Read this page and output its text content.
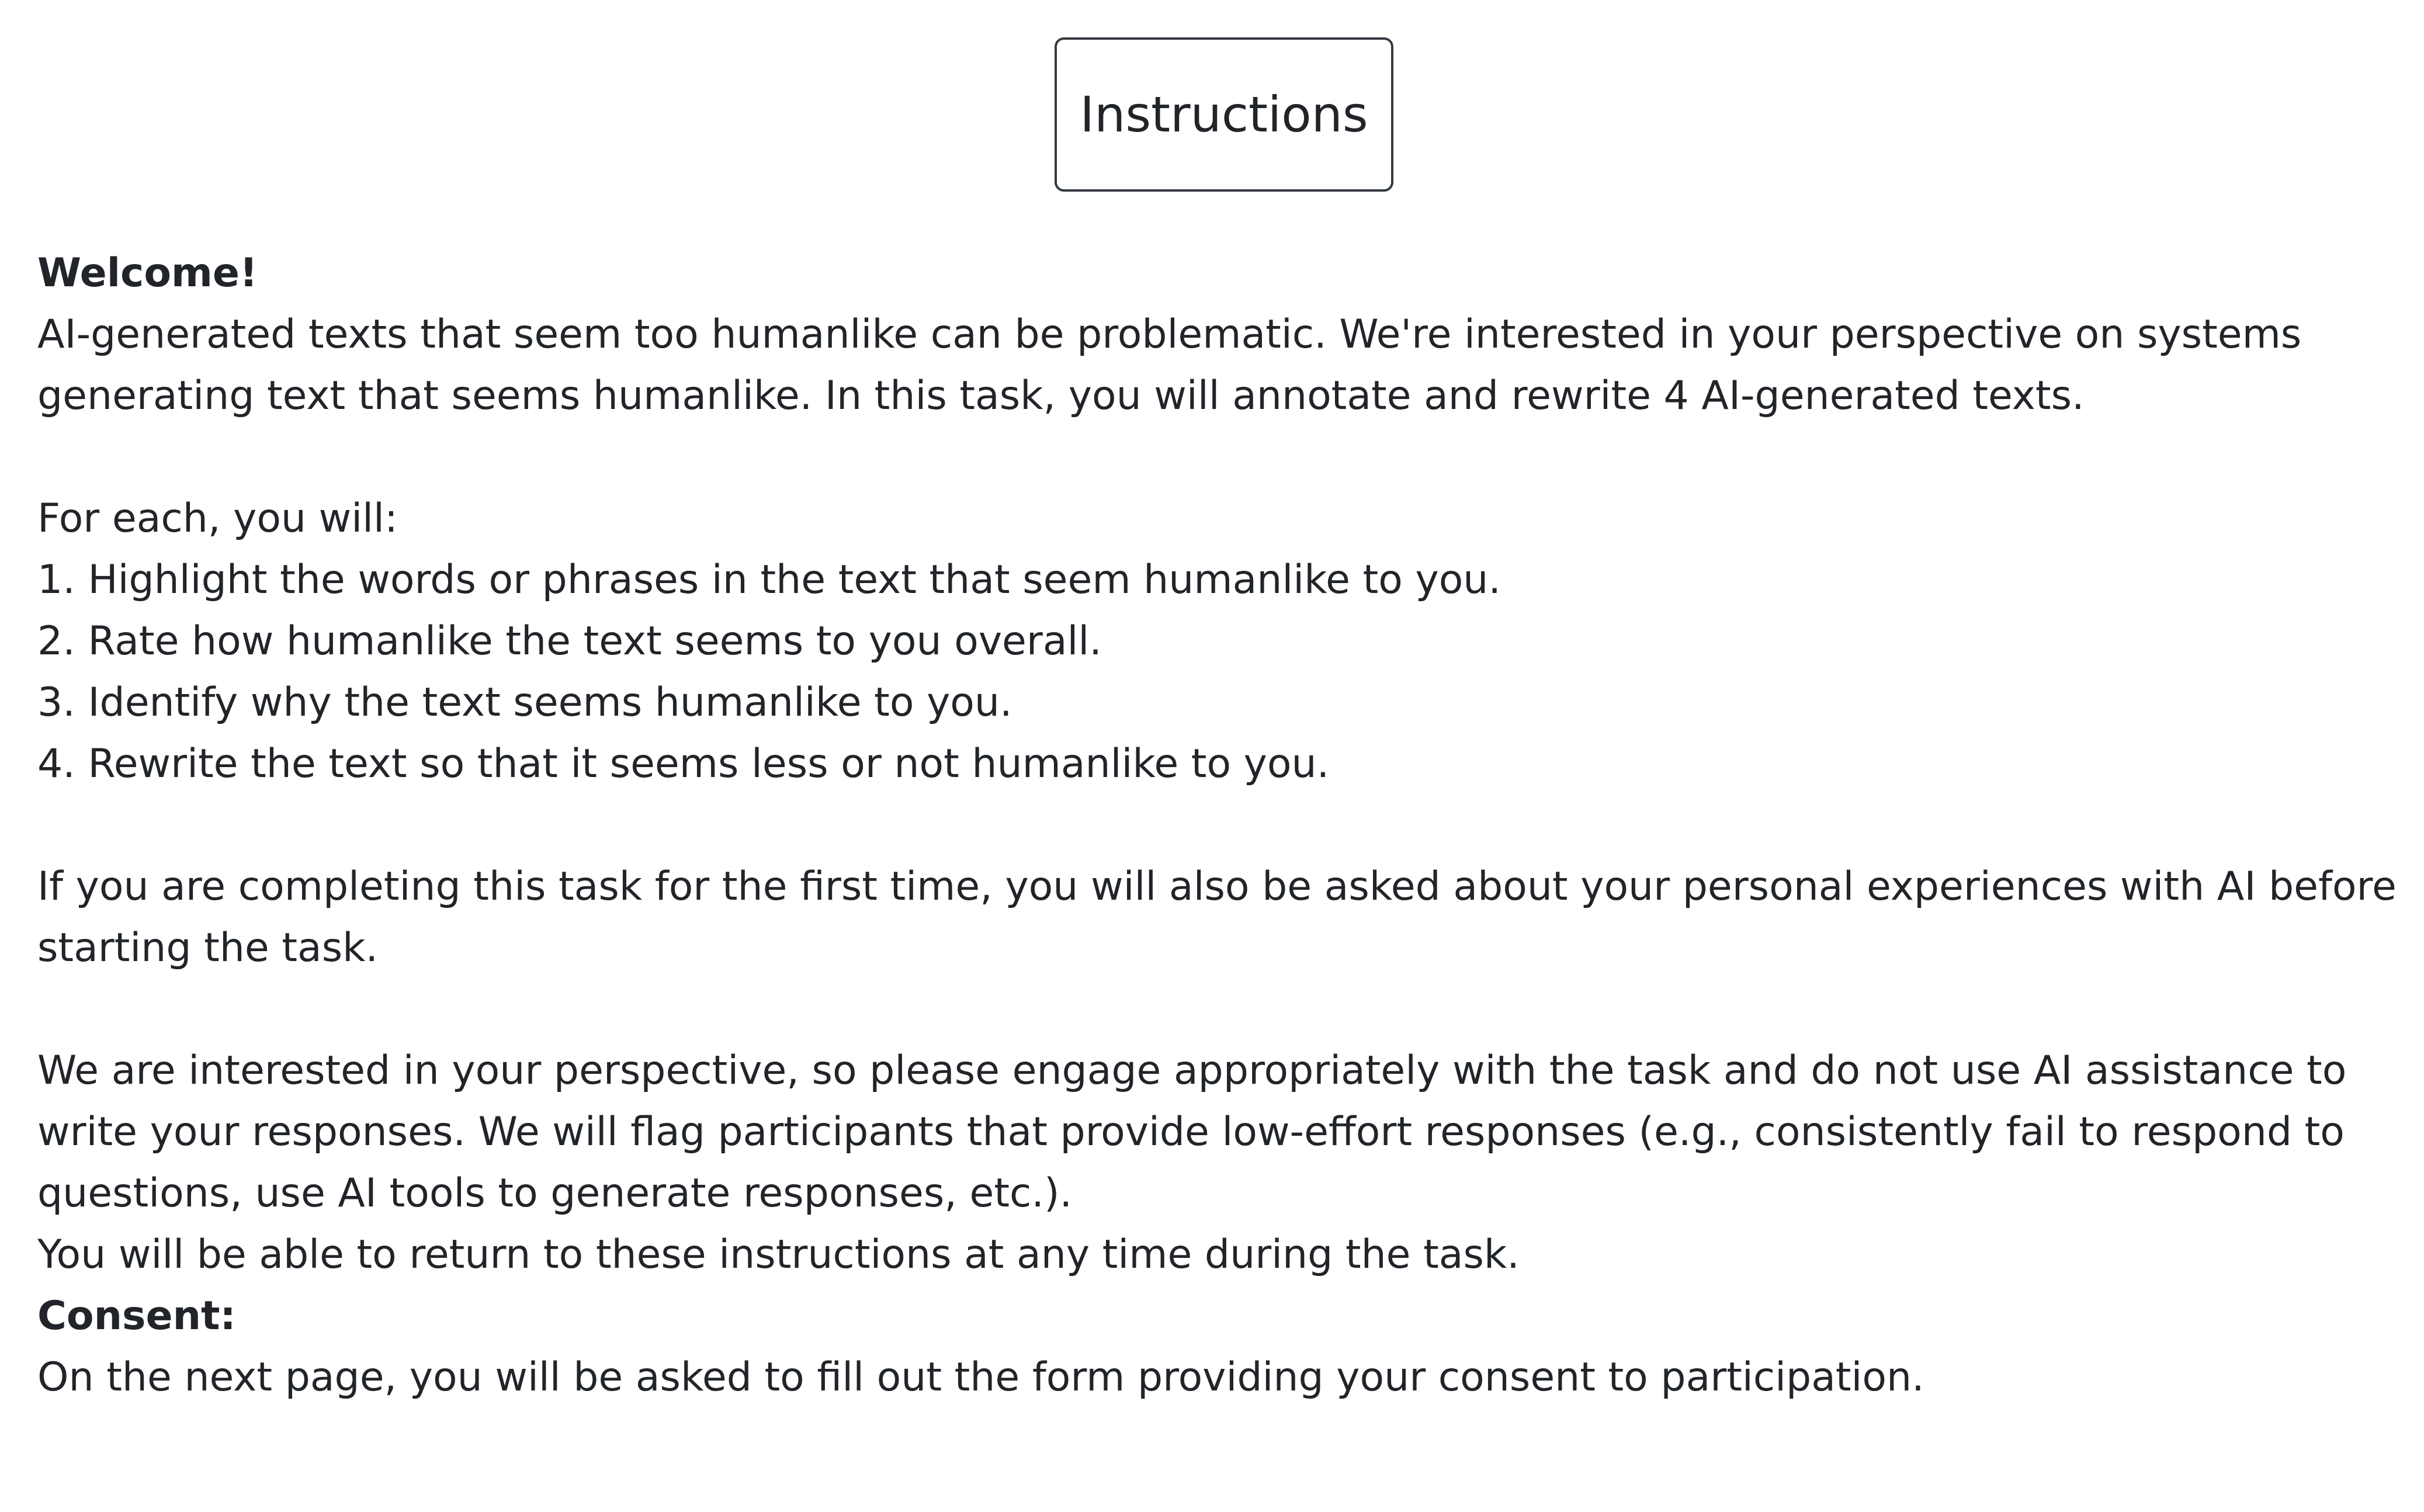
Instructions

Welcome!

AI-generated texts that seem too humanlike can be problematic. We're interested in your perspective on systems generating text that seems humanlike. In this task, you will annotate and rewrite 4 AI-generated texts.

For each, you will:

1. Highlight the words or phrases in the text that seem humanlike to you.

2. Rate how humanlike the text seems to you overall.

3. Identify why the text seems humanlike to you.

4. Rewrite the text so that it seems less or not humanlike to you.

If you are completing this task for the first time, you will also be asked about your personal experiences with AI before starting the task.

We are interested in your perspective, so please engage appropriately with the task and do not use AI assistance to write your responses. We will flag participants that provide low-effort responses (e.g., consistently fail to respond to questions, use AI tools to generate responses, etc.).

You will be able to return to these instructions at any time during the task.

Consent:

On the next page, you will be asked to fill out the form providing your consent to participation.
